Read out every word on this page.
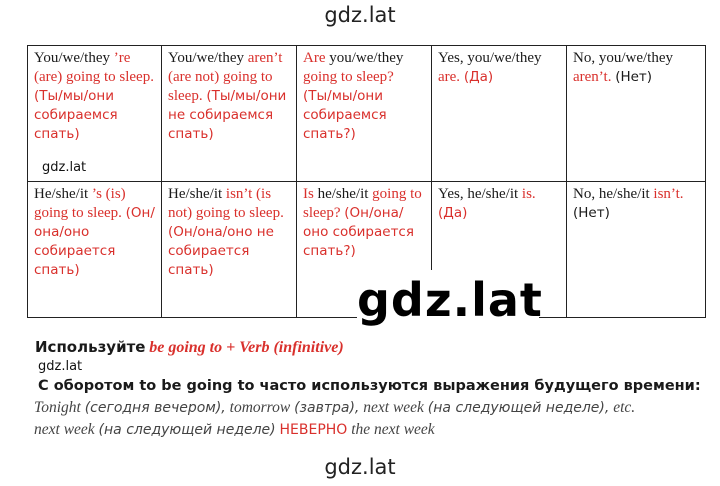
gdz.lat
You/we/they ’re (are) going to sleep. (Ты/мы/они собираемся спать)	You/we/they aren’t (are not) going to sleep. (Ты/мы/они не собираемся спать)	Are you/we/they going to sleep? (Ты/мы/они собираемся спать?)	Yes, you/we/they are. (Да)	No, you/we/they aren’t. (Нет)
He/she/it ’s (is) going to sleep. (Он/она/оно собирается спать)	He/she/it isn’t (is not) going to sleep. (Он/она/оно не собирается спать)	Is he/she/it going to sleep? (Он/она/оно собирается спать?)	Yes, he/she/it is. (Да)	No, he/she/it isn’t. (Нет)
gdz.lat
gdz.lat
Используйте be going to + Verb (infinitive)
gdz.lat
С оборотом to be going to часто используются выражения будущего времени:
Tonight (сегодня вечером), tomorrow (завтра), next week (на следующей неделе), etc.
next week (на следующей неделе) НЕВЕРНО the next week
gdz.lat
